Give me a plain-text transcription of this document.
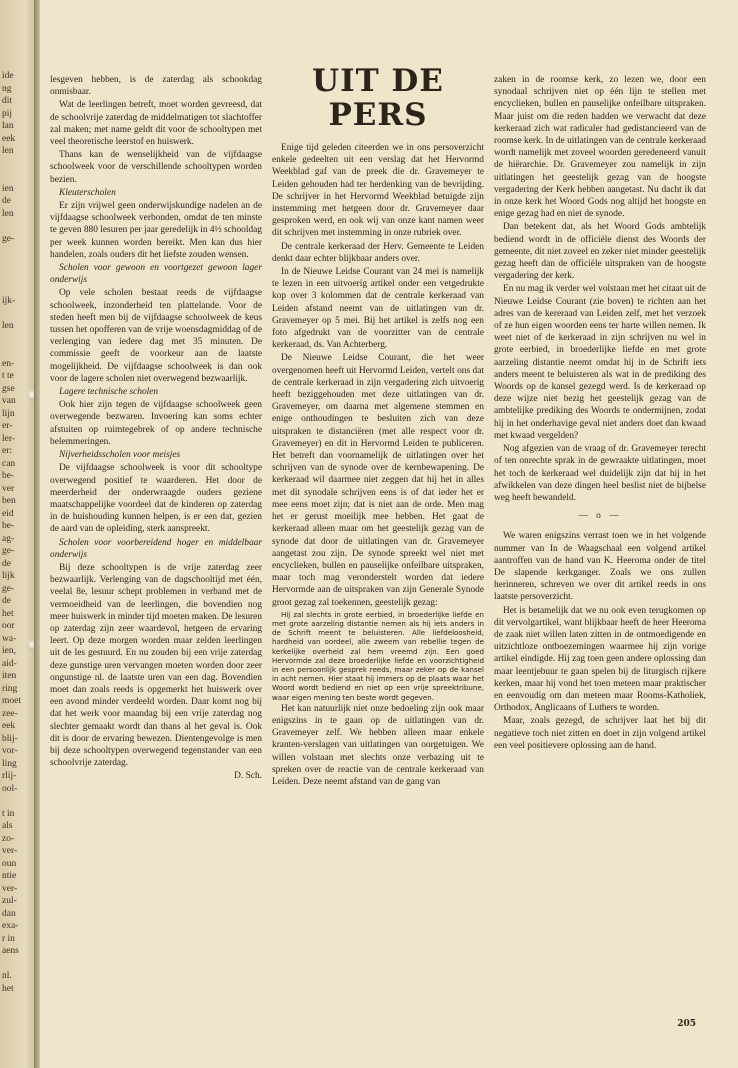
ide
ng
dit
pij
lan
eek
len
ien
de
len
ge-
ijk-
len
en-
t te
gse
van
lijn
er-
ler-
er:
can
be-
ver
ben
eid
be-
ag-
ge-
de
lijk
ge-
de
het
oor
wa-
ien,
aid-
iten
ring
moet
zee-
eek
blij-
vor-
ling
rlij-
ool-
t in
als
zo-
ver-
oun
ntie
ver-
zul-
dan
exa-
r in
aens
nl.
het

lesgeven hebben, is de zaterdag als schookdag onmisbaar.

Wat de leerlingen betreft, moet worden gevreesd, dat de schoolvrije zaterdag de middelmatigen tot slachtoffer zal maken; met name geldt dit voor de schooltypen met veel theoretische leerstof en huiswerk.

Thans kan de wenselijkheid van de vijfdaagse schoolweek voor de verschillende schooltypen worden bezien.

Kleuterscholen

Er zijn vrijwel geen onderwijskundige nadelen an de vijfdaagse schoolweek verbonden, omdat de ten minste te geven 880 lesuren per jaar geredelijk in 4½ schooldag per week kunnen worden bereikt. Men kan dus hier handelen, zoals ouders dit het liefste zouden wensen.

Scholen voor gewoon en voortgezet gewoon lager onderwijs

Op vele scholen bestaat reeds de vijfdaagse schoolweek, inzonderheid ten plattelande. Voor de steden heeft men bij de vijfdaagse schoolweek de keus tussen het opofferen van de vrije woensdagmiddag of de verlenging van iedere dag met 35 minuten. De commissie geeft de voorkeur aan de laatste mogelijkheid. De vijfdaagse schoolweek is dan ook voor de lagere scholen niet overwegend bezwaarlijk.

Lagere technische scholen

Ook hier zijn tegen de vijfdaagse schoolweek geen overwegende bezwaren. Invoering kan soms echter afstuiten op ruimtegebrek of op andere technische belemmeringen.

Nijverheidsscholen voor meisjes

De vijfdaagse schoolweek is voor dit schooltype overwegend positief te waarderen. Het door de meerderheid der onderwraagde ouders geziene maatschappelijke voordeel dat de kinderen op zaterdag in de huishouding kunnen helpen, is er een dat, gezien de aard van de opleiding, sterk aanspreekt.

Scholen voor voorbereidend hoger en middelbaar onderwijs

Bij deze schooltypen is de vrije zaterdag zeer bezwaarlijk. Verlenging van de dagschooltijd met één, veelal 8e, lesuur schept problemen in verband met de vermoeidheid van de leerlingen, die bovendien nog meer huiswerk in minder tijd moeten maken. De lesuren op zaterdag zijn zeer waardevol, hetgeen de ervaring leert. Op deze morgen worden maar zelden leerlingen uit de les gestuurd. En nu zouden bij een vrije zaterdag deze gunstige uren vervangen moeten worden door zeer ongunstige nl. de laatste uren van een dag. Bovendien moet dan zoals reeds is opgemerkt het huiswerk over een avond minder verdeeld worden. Daar komt nog bij dat het werk voor maandag bij een vrije zaterdag nog slechter gemaakt wordt dan thans al het geval is. Ook dit is door de ervaring bewezen. Dientengevolge is men bij deze schooltypen overwegend tegenstander van een schoolvrije zaterdag.

D. Sch.

UIT DE PERS

Enige tijd geleden citeerden we in ons persoverzicht enkele gedeelten uit een verslag dat het Hervormd Weekblad gaf van de preek die dr. Gravemeyer te Leiden gehouden had ter herdenking van de bevrijding. De schrijver in het Hervormd Weekblad betuigde zijn instemming met hetgeen door dr. Gravemeyer daar gesproken werd, en ook wij van onze kant namen weer dit schrijven met instemming in onze rubriek over.

De centrale kerkeraad der Herv. Gemeente te Leiden denkt daar echter blijkbaar anders over.

In de Nieuwe Leidse Courant van 24 mei is namelijk te lezen in een uitvoerig artikel onder een vetgedrukte kop over 3 kolommen dat de centrale kerkeraad van Leiden afstand neemt van de uitlatingen van dr. Gravemeyer op 5 mei. Bij het artikel is zelfs nog een foto afgedrukt van de voorzitter van de centrale kerkeraad, ds. Van Achterberg.

De Nieuwe Leidse Courant, die het weer overgenomen heeft uit Hervormd Leiden, vertelt ons dat de centrale kerkeraad in zijn vergadering zich uitvoerig heeft beziggehouden met deze uitlatingen van dr. Gravemeyer, om daarna met algemene stemmen en enige onthoudingen te besluiten zich van deze uitspraken te distanciëren (met alle respect voor dr. Gravemeyer) en dit in Hervormd Leiden te publiceren. Het betreft dan voornamelijk de uitlatingen over het schrijven van de synode over de kernbewapening. De kerkeraad wil daarmee niet zeggen dat hij het in alles met dit synodale schrijven eens is of dat ieder het er mee eens moet zijn; dat is niet aan de orde. Men mag het er gerust moeilijk mee hebben. Het gaat de kerkeraad alleen maar om het geestelijk gezag van de synode dat door de uitlatingen van dr. Gravemeyer aangetast zou zijn. De synode spreekt wel niet met encyclieken, bullen en pauselijke onfeilbare uitspraken, maar toch mag veronderstelt worden dat iedere Hervormde aan de uitspraken van zijn Generale Synode groot gezag zal toekennen, geestelijk gezag:

Hij zal slechts in grote eerbied, in broederlijke liefde en met grote aarzeling distantie nemen als hij iets anders in de Schrift meent te beluisteren. Alle liefdeloosheid, hardheid van oordeel, alle zweem van rebellie tegen de kerkelijke overheid zal hem vreemd zijn. Een goed Hervormde zal deze broederlijke liefde en voorzichtigheid in een persoonlijk gesprek reeds, maar zeker op de kansel in acht nemen. Hier staat hij immers op de plaats waar het Woord wordt bediend en niet op een vrije spreektribune, waar eigen mening ten beste wordt gegeven.

Het kan natuurlijk niet onze bedoeling zijn ook maar enigszins in te gaan op de uitlatingen van dr. Gravemeyer zelf. We hebben alleen maar enkele kranten-verslagen van uitlatingen van oorgetuigen. We willen volstaan met slechts onze verbazing uit te spreken over de reactie van de centrale kerkeraad van Leiden. Deze neemt afstand van de gang van

zaken in de roomse kerk, zo lezen we, door een synodaal schrijven niet op één lijn te stellen met encyclieken, bullen en pauselijke onfeilbare uitspraken. Maar juist om die reden hadden we verwacht dat deze kerkeraad zich wat radicaler had gedistancieerd van de roomse kerk. In de uitlatingen van de centrale kerkeraad wordt namelijk met zoveel woorden geredeneerd vanuit de hiërarchie. Dr. Gravemeyer zou namelijk in zijn uitlatingen het geestelijk gezag van de hoogste vergadering der Kerk hebben aangetast. Nu dacht ik dat in onze kerk het Woord Gods nog altijd het hoogste en enige gezag had en niet de synode.

Dan betekent dat, als het Woord Gods ambtelijk bediend wordt in de officiële dienst des Woords der gemeente, dit niet zoveel en zeker niet minder geestelijk gezag heeft dan de officiële uitspraken van de hoogste vergadering der kerk.

En nu mag ik verder wel volstaan met het citaat uit de Nieuwe Leidse Courant (zie boven) te richten aan het adres van de kereraad van Leiden zelf, met het verzoek of ze hun eigen woorden eens ter harte willen nemen. Ik weet niet of de kerkeraad in zijn schrijven nu wel in grote eerbied, in broederlijke liefde en met grote aarzeling distantie neemt omdat hij in de Schrift iets anders meent te beluisteren als wat in de prediking des Woords op de kansel gezegd werd. Is de kerkeraad op deze wijze niet bezig het geestelijk gezag van de ambtelijke prediking des Woords te ondermijnen, zodat hij in het onderhavige geval niet anders doet dan kwaad met kwaad vergelden?

Nog afgezien van de vraag of dr. Gravemeyer terecht of ten onrechte sprak in de gewraakte uitlatingen, moet het toch de kerkeraad wel duidelijk zijn dat hij in het afwikkelen van deze dingen heel beslist niet de bijbelse weg heeft bewandeld.

— o —

We waren enigszins verrast toen we in het volgende nummer van In de Waagschaal een volgend artikel aantroffen van de hand van K. Heeroma onder de titel De slapende kerkganger. Zoals we ons zullen herinneren, schreven we over dit artikel reeds in ons laatste persoverzicht.

Het is betamelijk dat we nu ook even terugkomen op dit vervolgartikel, want blijkbaar heeft de heer Heeroma de zaak niet willen laten zitten in de ontmoedigende en uitzichtloze ontboezemingen waarmee hij zijn vorige artikel eindigde. Hij zag toen geen andere oplossing dan maar leentjebuur te gaan spelen bij de liturgisch rijkere kerken, maar hij vond het toen meteen maar praktischer en eenvoudig om dan meteen maar Rooms-Katholiek, Orthodox, Anglicaans of Luthers te worden.

Maar, zoals gezegd, de schrijver laat het bij dit negatieve toch niet zitten en doet in zijn volgend artikel een veel positievere oplossing aan de hand.

205
